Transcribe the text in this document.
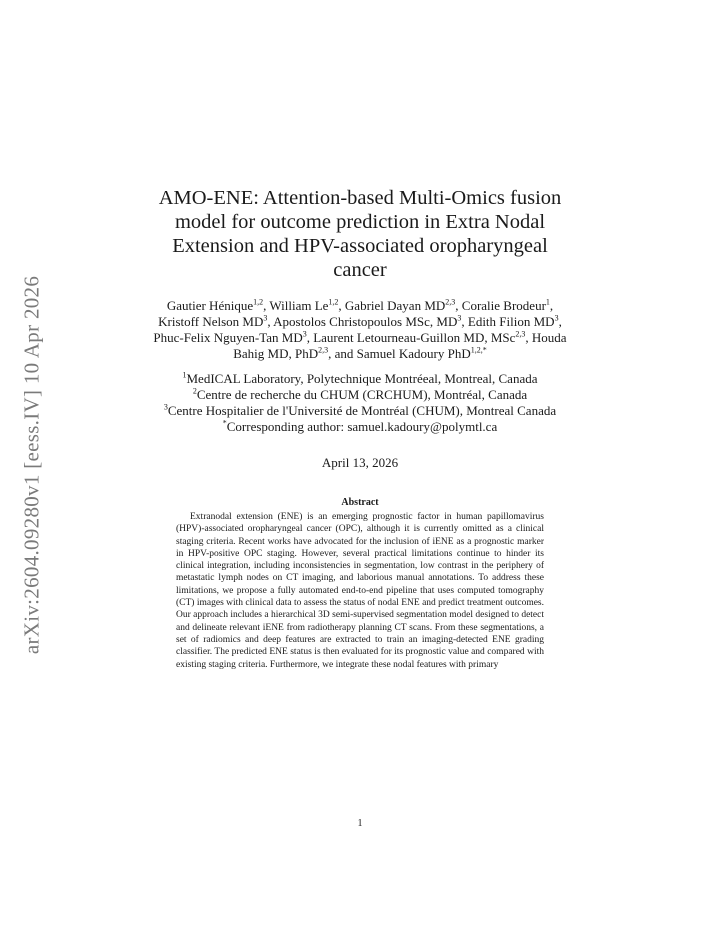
arXiv:2604.09280v1 [eess.IV] 10 Apr 2026
AMO-ENE: Attention-based Multi-Omics fusion model for outcome prediction in Extra Nodal Extension and HPV-associated oropharyngeal cancer

Gautier Hénique$^{1,2}$, William Le$^{1,2}$, Gabriel Dayan MD$^{2,3}$, Coralie Brodeur$^1$, Kristoff Nelson $MD^3$, Apostolos Christopoulos MSc, $MD^3$, Edith Filion $MD^3$, Phuc-Felix Nguyen-Tan $MD^3$, Laurent Letourneau-Guillon MD, MSc$^{2,3}$, Houda Bahig MD, PhD$^{2,3}$, and Samuel Kadoury PhD$^{1,2,*}$

$^1$MedICAL Laboratory, Polytechnique Montréeal, Montreal, Canada

$^2$Centre de recherche du CHUM (CRCHUM), Montréal, Canada

$^3$Centre Hospitalier de l'Université de Montréal (CHUM), Montreal Canada

*Corresponding author: samuel.kadoury@polymtl.ca

April 13, 2026
Abstract

Extranodal extension (ENE) is an emerging prognostic factor in human papillomavirus (HPV)-associated oropharyngeal cancer (OPC), although it is currently omitted as a clinical staging criteria. Recent works have advocated for the inclusion of iENE as a prognostic marker in HPV-positive OPC staging. However, several practical limitations continue to hinder its clinical integration, including inconsistencies in segmentation, low contrast in the periphery of metastatic lymph nodes on CT imaging, and laborious manual annotations. To address these limitations, we propose a fully automated end-to-end pipeline that uses computed tomography (CT) images with clinical data to assess the status of nodal ENE and predict treatment outcomes. Our approach includes a hierarchical 3D semi-supervised segmentation model designed to detect and delineate relevant iENE from radiotherapy planning CT scans. From these segmentations, a set of radiomics and deep features are extracted to train an imaging-detected ENE grading classifier. The predicted ENE status is then evaluated for its prognostic value and compared with existing staging criteria. Furthermore, we integrate these nodal features with primary

1
